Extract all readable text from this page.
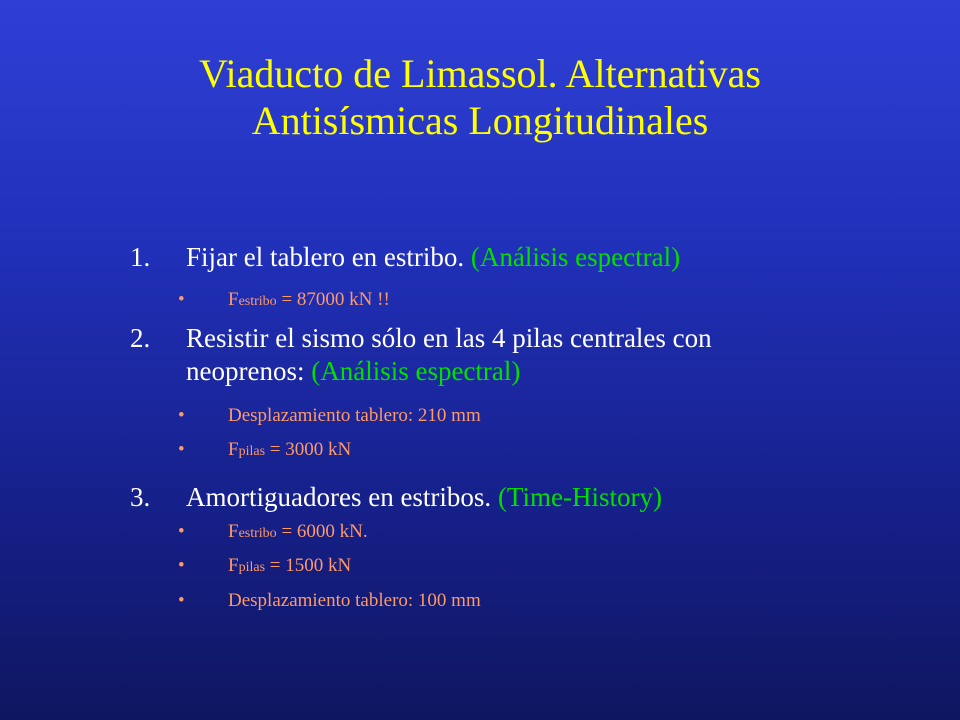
Viaducto de Limassol. Alternativas
Antisísmicas Longitudinales
1. Fijar el tablero en estribo. (Análisis espectral)
• Festribo = 87000 kN !!
2. Resistir el sismo sólo en las 4 pilas centrales con
neoprenos: (Análisis espectral)
• Desplazamiento tablero: 210 mm
• Fpilas = 3000 kN
3. Amortiguadores en estribos. (Time-History)
• Festribo = 6000 kN.
• Fpilas = 1500 kN
• Desplazamiento tablero: 100 mm
